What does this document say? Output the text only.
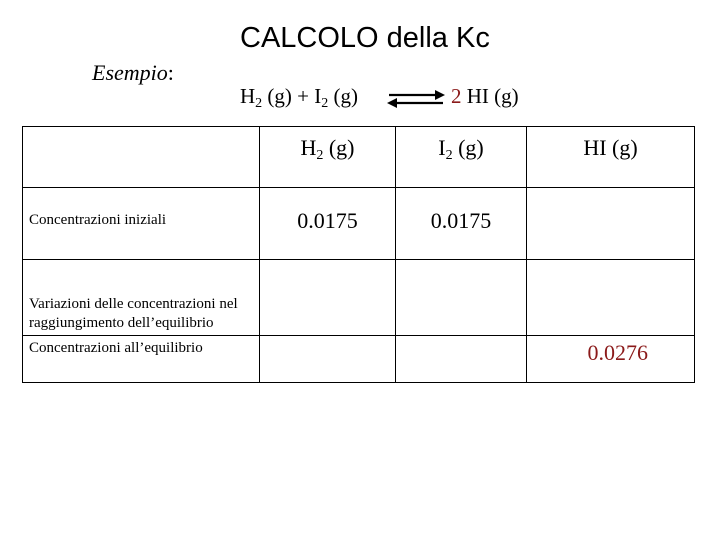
CALCOLO della Kc
Esempio:
$H_2$ $(g) + I_2$ (g) ⇌ 2 HI (g)
	$H_2$ (g)	$I_2$ (g)	HI (g)
Concentrazioni iniziali	0.0175	0.0175	
Variazioni delle concentrazioni nel raggiungimento dell’equilibrio			
Concentrazioni all’equilibrio			0.0276
